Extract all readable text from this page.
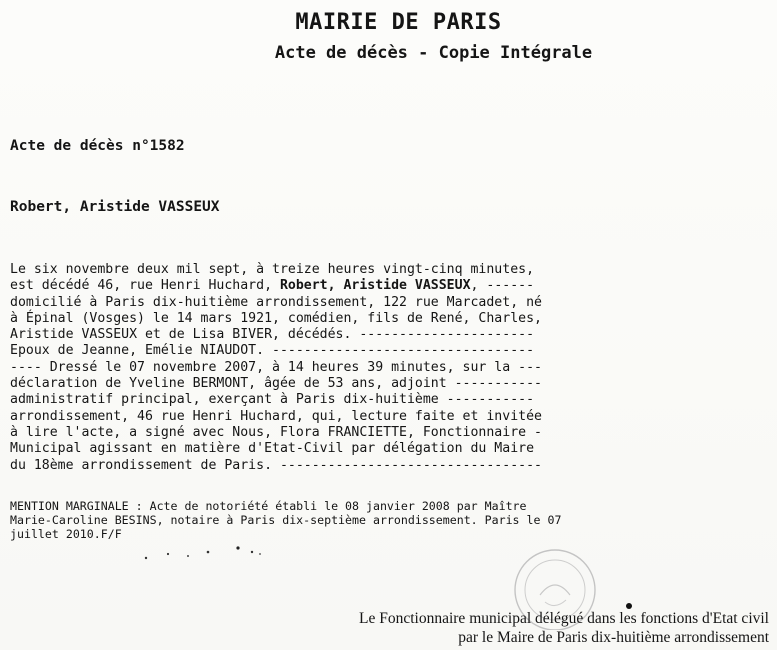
MAIRIE DE PARIS
Acte de décès - Copie Intégrale
Acte de décès n°1582
Robert, Aristide VASSEUX
Le six novembre deux mil sept, à treize heures vingt-cinq minutes,
est décédé 46, rue Henri Huchard, Robert, Aristide VASSEUX, ------
domicilié à Paris dix-huitième arrondissement, 122 rue Marcadet, né
à Épinal (Vosges) le 14 mars 1921, comédien, fils de René, Charles,
Aristide VASSEUX et de Lisa BIVER, décédés. ----------------------
Epoux de Jeanne, Emélie NIAUDOT. ---------------------------------
---- Dressé le 07 novembre 2007, à 14 heures 39 minutes, sur la ---
déclaration de Yveline BERMONT, âgée de 53 ans, adjoint -----------
administratif principal, exerçant à Paris dix-huitième -----------
arrondissement, 46 rue Henri Huchard, qui, lecture faite et invitée
à lire l'acte, a signé avec Nous, Flora FRANCIETTE, Fonctionnaire -
Municipal agissant en matière d'Etat-Civil par délégation du Maire
du 18ème arrondissement de Paris. ---------------------------------
MENTION MARGINALE : Acte de notoriété établi le 08 janvier 2008 par Maître
Marie-Caroline BESINS, notaire à Paris dix-septième arrondissement. Paris le 07
juillet 2010.F/F
Le Fonctionnaire municipal délégué dans les fonctions d'Etat civil
par le Maire de Paris dix-huitième arrondissement
